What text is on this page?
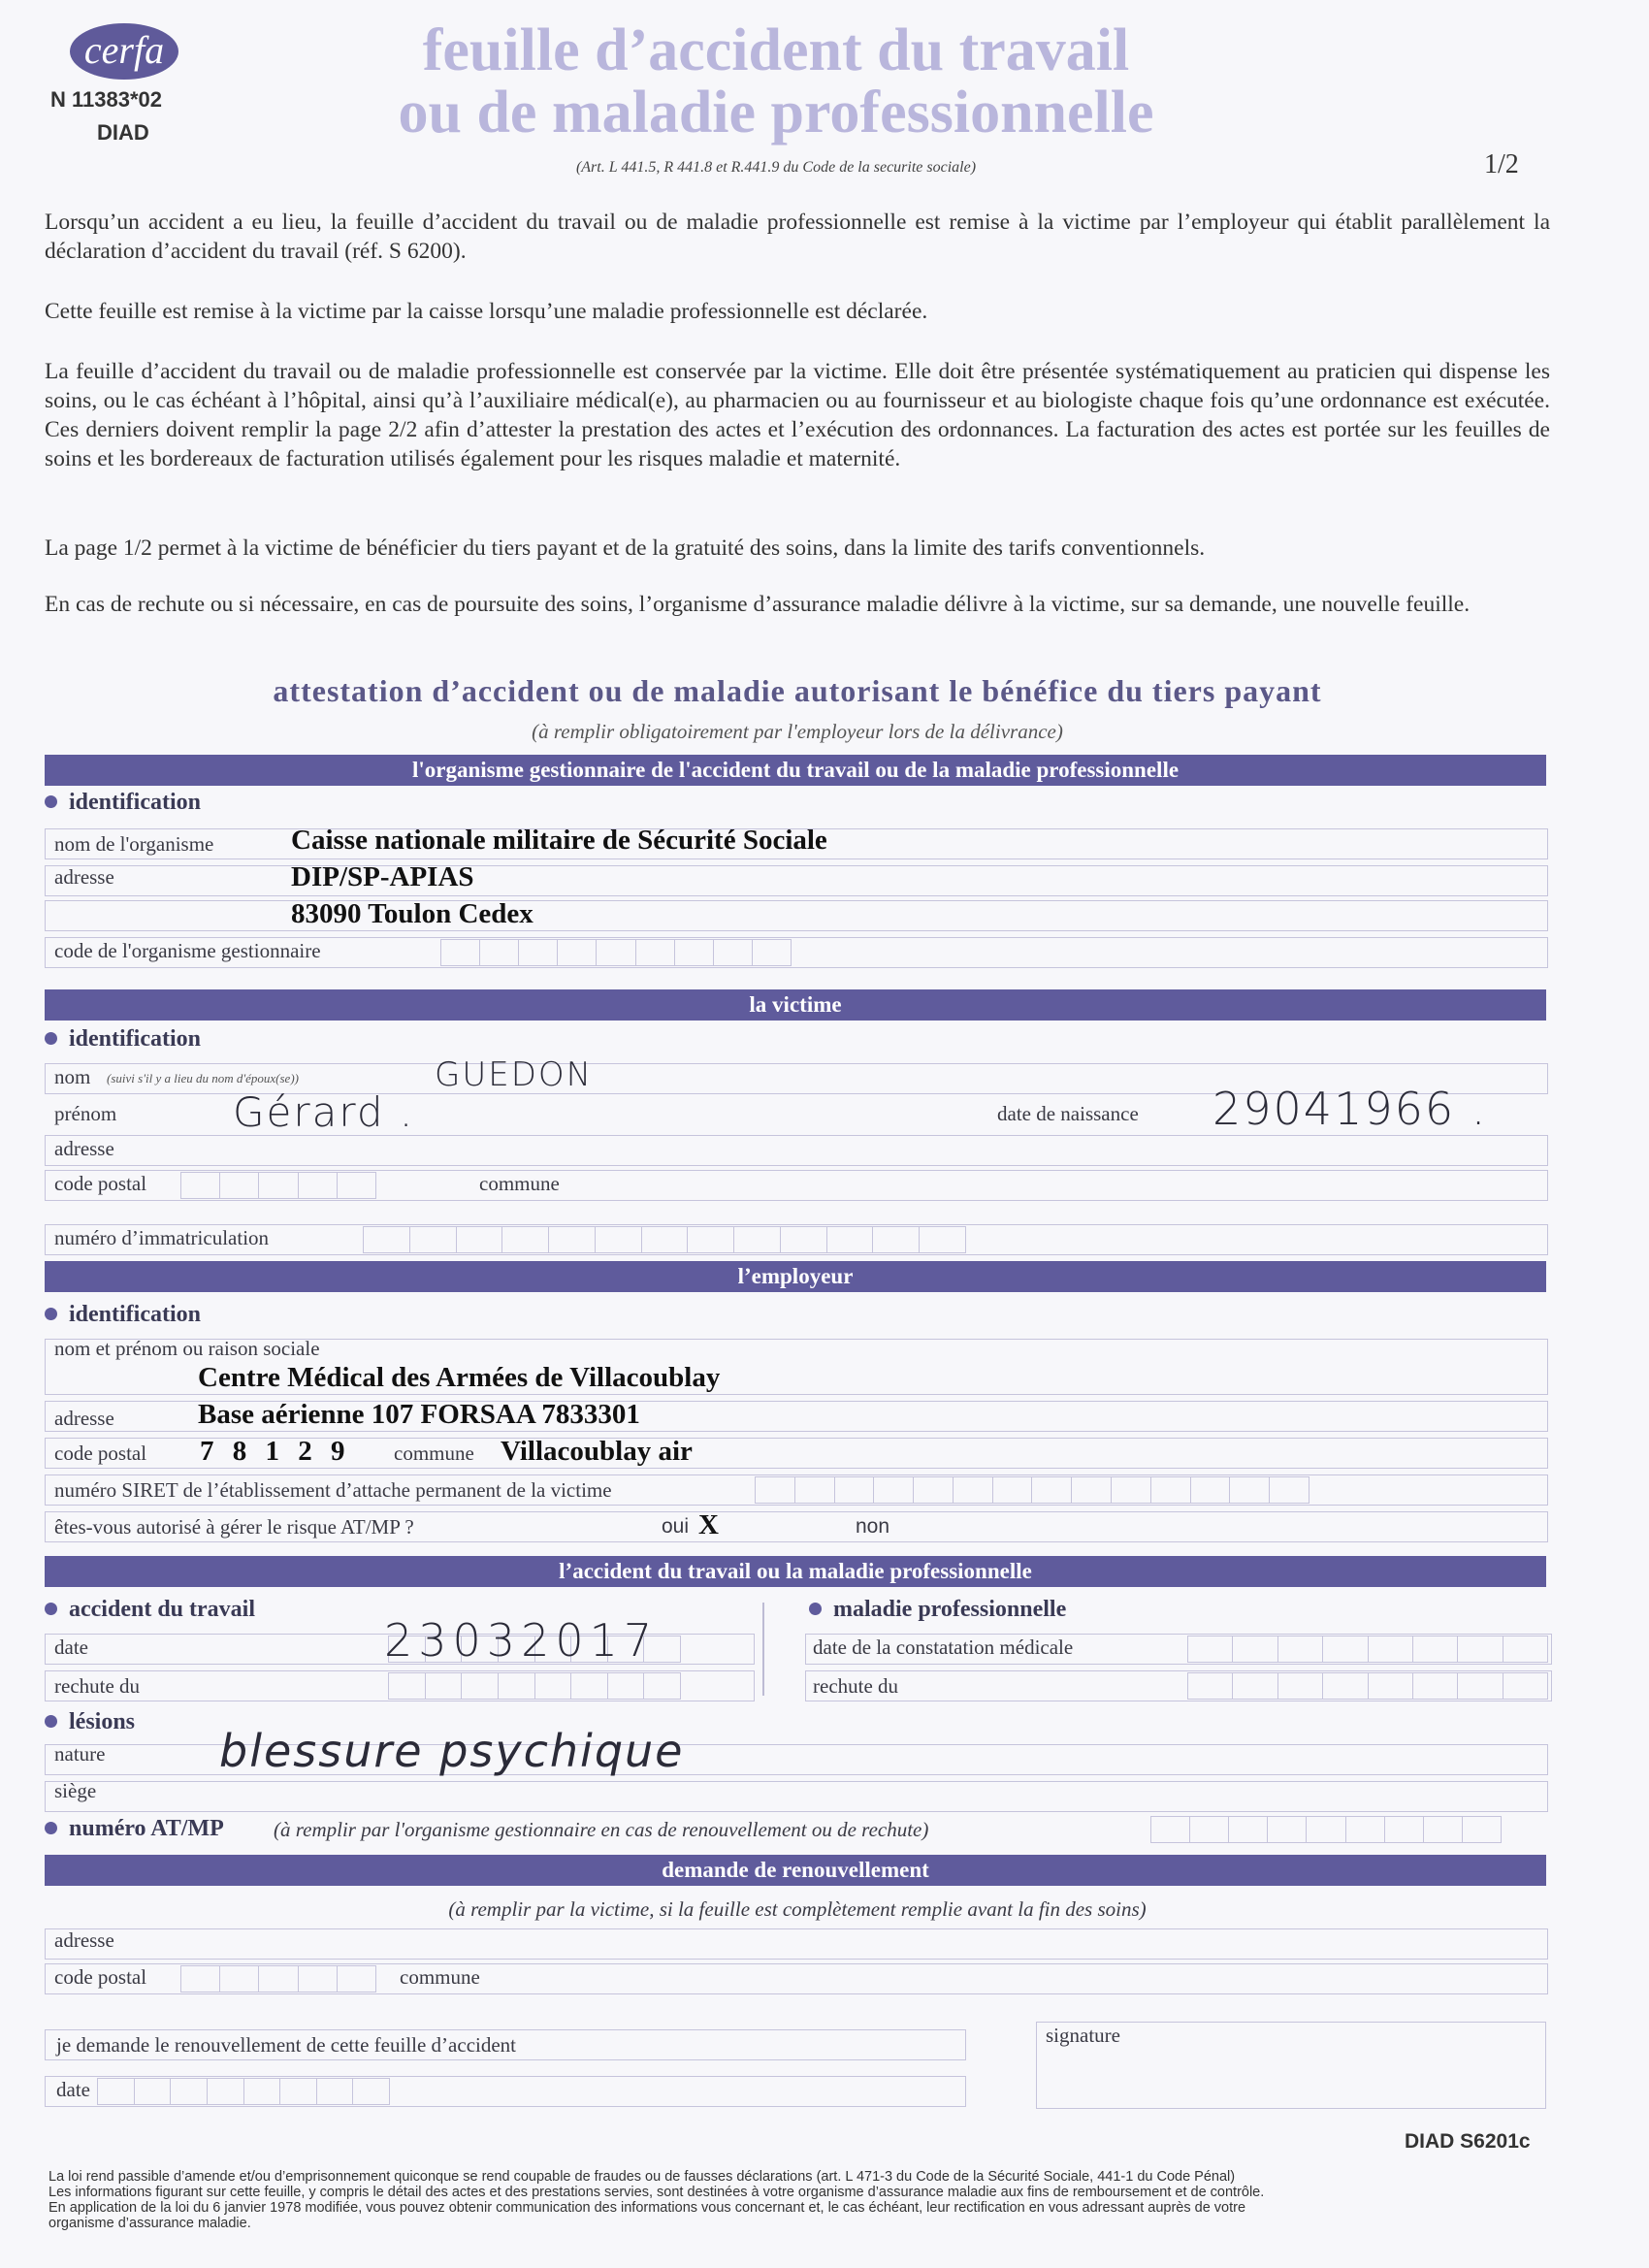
cerfa
N 11383*02
DIAD
feuille d’accident du travail
ou de maladie professionnelle
(Art. L 441.5, R 441.8 et R.441.9 du Code de la securite sociale)	1/2
Lorsqu’un accident a eu lieu, la feuille d’accident du travail ou de maladie professionnelle est remise à la victime par l’employeur qui établit parallèlement la déclaration d’accident du travail (réf. S 6200).
Cette feuille est remise à la victime par la caisse lorsqu’une maladie professionnelle est déclarée.
La feuille d’accident du travail ou de maladie professionnelle est conservée par la victime. Elle doit être présentée systématiquement au praticien qui dispense les soins, ou le cas échéant à l’hôpital, ainsi qu’à l’auxiliaire médical(e), au pharmacien ou au fournisseur et au biologiste chaque fois qu’une ordonnance est exécutée. Ces derniers doivent remplir la page 2/2 afin d’attester la prestation des actes et l’exécution des ordonnances. La facturation des actes est portée sur les feuilles de soins et les bordereaux de facturation utilisés également pour les risques maladie et maternité.
La page 1/2 permet à la victime de bénéficier du tiers payant et de la gratuité des soins, dans la limite des tarifs conventionnels.
En cas de rechute ou si nécessaire, en cas de poursuite des soins, l’organisme d’assurance maladie délivre à la victime, sur sa demande, une nouvelle feuille.
attestation d’accident ou de maladie autorisant le bénéfice du tiers payant
(à remplir obligatoirement par l'employeur lors de la délivrance)
l'organisme gestionnaire de l'accident du travail ou de la maladie professionnelle
identification
nom de l'organisme	Caisse nationale militaire de Sécurité Sociale
adresse	DIP/SP-APIAS
83090 Toulon Cedex
code de l'organisme gestionnaire
la victime
identification
nom (suivi s'il y a lieu du nom d'époux(se))	GUEDON
prénom	Gérard .	date de naissance 29041966 .
adresse
code postal	commune
numéro d’immatriculation
l’employeur
identification
nom et prénom ou raison sociale
Centre Médical des Armées de Villacoublay
adresse	Base aérienne 107 FORSAA 7833301
code postal 7 8 1 2 9 commune Villacoublay air
numéro SIRET de l’établissement d’attache permanent de la victime
êtes-vous autorisé à gérer le risque AT/MP ?	oui X	non
l’accident du travail ou la maladie professionnelle
accident du travail	maladie professionnelle
date	23032017
rechute du
date de la constatation médicale
rechute du
lésions
nature	blessure psychique
siège
numéro AT/MP (à remplir par l'organisme gestionnaire en cas de renouvellement ou de rechute)
demande de renouvellement
(à remplir par la victime, si la feuille est complètement remplie avant la fin des soins)
adresse
code postal	commune
je demande le renouvellement de cette feuille d’accident	signature
date
DIAD S6201c
La loi rend passible d’amende et/ou d’emprisonnement quiconque se rend coupable de fraudes ou de fausses déclarations (art. L 471-3 du Code de la Sécurité Sociale, 441-1 du Code Pénal)
Les informations figurant sur cette feuille, y compris le détail des actes et des prestations servies, sont destinées à votre organisme d’assurance maladie aux fins de remboursement et de contrôle.
En application de la loi du 6 janvier 1978 modifiée, vous pouvez obtenir communication des informations vous concernant et, le cas échéant, leur rectification en vous adressant auprès de votre
organisme d’assurance maladie.
